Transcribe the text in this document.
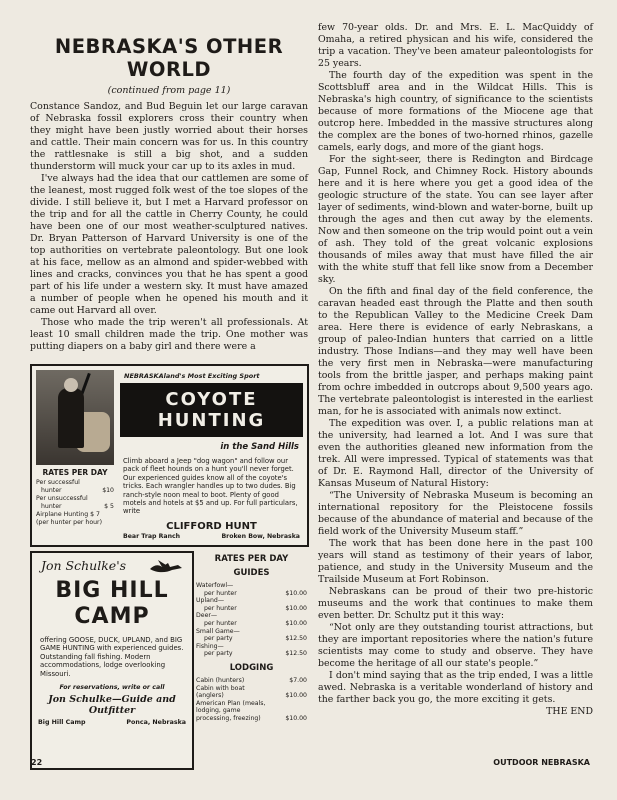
NEBRASKA'S OTHER WORLD
(continued from page 11)

Constance Sandoz, and Bud Beguin let our large caravan of Nebraska fossil explorers cross their country when they might have been justly worried about their horses and cattle. Their main concern was for us. In this country the rattlesnake is still a big shot, and a sudden thunderstorm will muck your car up to its axles in mud.

I've always had the idea that our cattlemen are some of the leanest, most rugged folk west of the toe slopes of the divide. I still believe it, but I met a Harvard professor on the trip and for all the cattle in Cherry County, he could have been one of our most weather-sculptured natives. Dr. Bryan Patterson of Harvard University is one of the top authorities on vertebrate paleontology. But one look at his face, mellow as an almond and spider-webbed with lines and cracks, convinces you that he has spent a good part of his life under a western sky. It must have amazed a number of people when he opened his mouth and it came out Harvard all over.

Those who made the trip weren't all professionals. At least 10 small children made the trip. One mother was putting diapers on a baby girl and there were a

few 70-year olds. Dr. and Mrs. E. L. MacQuiddy of Omaha, a retired physican and his wife, considered the trip a vacation. They've been amateur paleontologists for 25 years.

The fourth day of the expedition was spent in the Scottsbluff area and in the Wildcat Hills. This is Nebraska's high country, of significance to the scientists because of more formations of the Miocene age that outcrop here. Imbedded in the massive structures along the complex are the bones of two-horned rhinos, gazelle camels, early dogs, and more of the giant hogs.

For the sight-seer, there is Redington and Birdcage Gap, Funnel Rock, and Chimney Rock. History abounds here and it is here where you get a good idea of the geologic structure of the state. You can see layer after layer of sediments, wind-blown and water-borne, built up through the ages and then cut away by the elements. Now and then someone on the trip would point out a vein of ash. They told of the great volcanic explosions thousands of miles away that must have filled the air with the white stuff that fell like snow from a December sky.

On the fifth and final day of the field conference, the caravan headed east through the Platte and then south to the Republican Valley to the Medicine Creek Dam area. Here there is evidence of early Nebraskans, a group of paleo-Indian hunters that carried on a little industry. Those Indians—and they may well have been the very first men in Nebraska—were manufacturing tools from the brittle jasper, and perhaps making paint from ochre imbedded in outcrops about 9,500 years ago. The vertebrate paleontologist is interested in the earliest man, for he is associated with animals now extinct.

The expedition was over. I, a public relations man at the university, had learned a lot. And I was sure that even the authorities gleaned new information from the trek. All were impressed. Typical of statements was that of Dr. E. Raymond Hall, director of the University of Kansas Museum of Natural History:

“The University of Nebraska Museum is becoming an international repository for the Pleistocene fossils because of the abundance of material and because of the field work of the University Museum staff.”

The work that has been done here in the past 100 years will stand as testimony of their years of labor, patience, and study in the University Museum and the Trailside Museum at Fort Robinson.

Nebraskans can be proud of their two pre-historic museums and the work that continues to make them even better. Dr. Schultz put it this way:

“Not only are they outstanding tourist attractions, but they are important repositories where the nation's future scientists may come to study and observe. They have become the heritage of all our state's people.”

I don't mind saying that as the trip ended, I was a little awed. Nebraska is a veritable wonderland of history and the farther back you go, the more exciting it gets.
THE END

RATES PER DAY
Per successful
hunter	$10
Per unsuccessful
hunter	$ 5
Airplane Hunting $ 7
(per hunter per hour)
NEBRASKAland's Most Exciting Sport
COYOTE HUNTING
in the Sand Hills
Climb aboard a Jeep "dog wagon" and follow our pack of fleet hounds on a hunt you'll never forget. Our experienced guides know all of the coyote's tricks. Each wrangler handles up to two dudes. Big ranch-style noon meal to boot. Plenty of good motels and hotels at $5 and up. For full particulars, write
CLIFFORD HUNT
Bear Trap Ranch	Broken Bow, Nebraska
Jon Schulke's
BIG HILL
CAMP
offering GOOSE, DUCK, UPLAND, and BIG GAME HUNTING with experienced guides. Outstanding fall fishing. Modern accommodations, lodge overlooking Missouri.
For reservations, write or call
Jon Schulke—Guide and Outfitter
Big Hill Camp	Ponca, Nebraska
RATES PER DAY
GUIDES
Waterfowl—
per hunter	$10.00
Upland—
per hunter	$10.00
Deer—
per hunter	$10.00
Small Game—
per party	$12.50
Fishing—
per party	$12.50
LODGING
Cabin (hunters)	$7.00
Cabin with boat (anglers)	$10.00
American Plan (meals, lodging, game processing, freezing)	$10.00
22	OUTDOOR NEBRASKA
